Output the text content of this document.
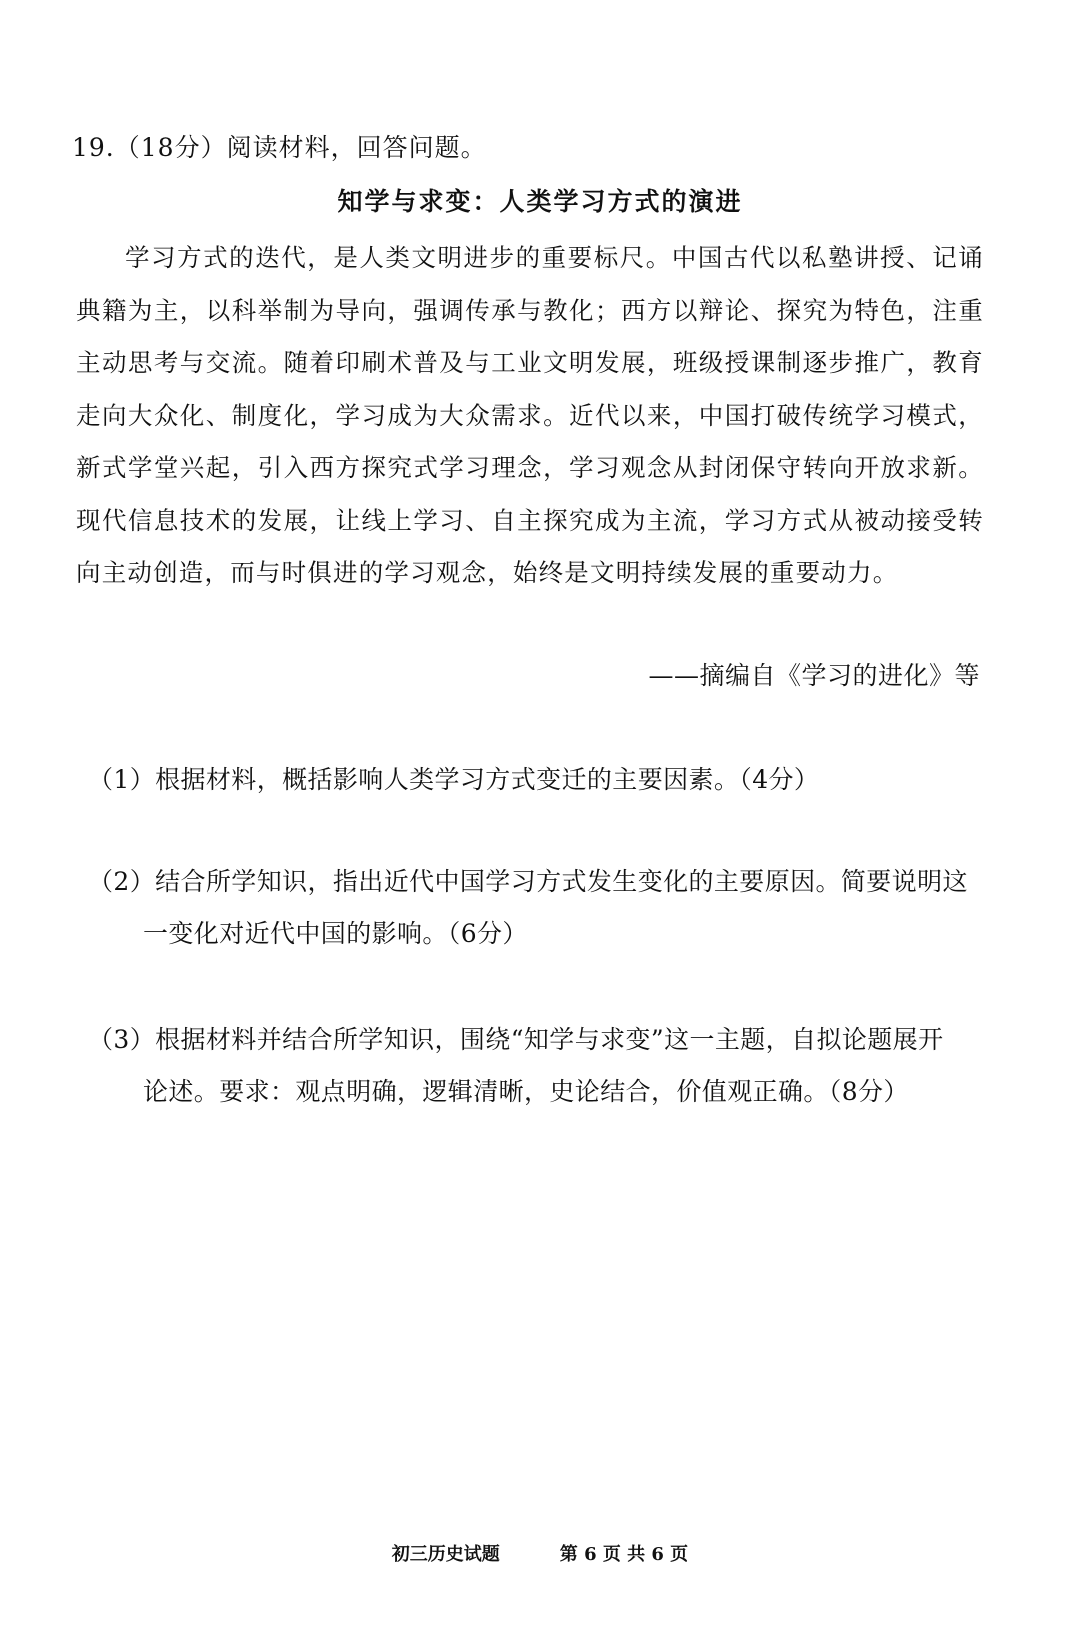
19.（18分）阅读材料，回答问题。
知学与求变：人类学习方式的演进

学习方式的迭代，是人类文明进步的重要标尺。中国古代以私塾讲授、记诵典籍为主，以科举制为导向，强调传承与教化；西方以辩论、探究为特色，注重主动思考与交流。随着印刷术普及与工业文明发展，班级授课制逐步推广，教育走向大众化、制度化，学习成为大众需求。近代以来，中国打破传统学习模式，新式学堂兴起，引入西方探究式学习理念，学习观念从封闭保守转向开放求新。现代信息技术的发展，让线上学习、自主探究成为主流，学习方式从被动接受转向主动创造，而与时俱进的学习观念，始终是文明持续发展的重要动力。

——摘编自《学习的进化》等

（1）根据材料，概括影响人类学习方式变迁的主要因素。（4分）

（2）结合所学知识，指出近代中国学习方式发生变化的主要原因。简要说明这
一变化对近代中国的影响。（6分）

（3）根据材料并结合所学知识，围绕“知学与求变”这一主题，自拟论题展开
论述。要求：观点明确，逻辑清晰，史论结合，价值观正确。（8分）

初三历史试题	第 6 页 共 6 页
